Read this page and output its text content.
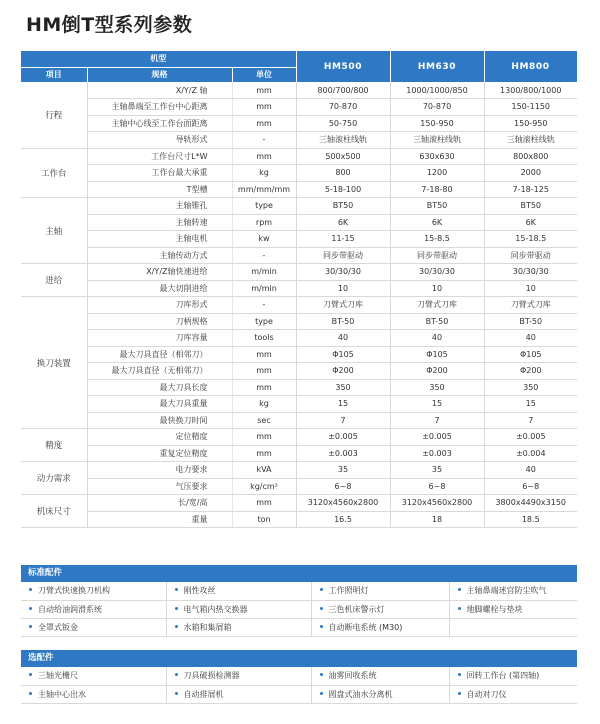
HM倒T型系列参数
机型			HM500	HM630	HM800
项目	规格	单位			
行程	X/Y/Z 轴	mm	800/700/800	1000/1000/850	1300/800/1000
	主轴鼻端至工作台中心距离	mm	70-870	70-870	150-1150
	主轴中心线至工作台面距离	mm	50-750	150-950	150-950
	导轨形式	-	三轴滚柱线轨	三轴滚柱线轨	三轴滚柱线轨
工作台	工作台尺寸L*W	mm	500x500	630x630	800x800
	工作台最大承重	kg	800	1200	2000
	T型槽	mm/mm/mm	5-18-100	7-18-80	7-18-125
主轴	主轴锥孔	type	BT50	BT50	BT50
	主轴转速	rpm	6K	6K	6K
	主轴电机	kw	11-15	15-8.5	15-18.5
	主轴传动方式	-	同步带驱动	同步带驱动	同步带驱动
进给	X/Y/Z轴快速进给	m/min	30/30/30	30/30/30	30/30/30
	最大切削进给	m/min	10	10	10
换刀装置	刀库形式	-	刀臂式刀库	刀臂式刀库	刀臂式刀库
	刀柄规格	type	BT-50	BT-50	BT-50
	刀库容量	tools	40	40	40
	最大刀具直径（相邻刀）	mm	Φ105	Φ105	Φ105
	最大刀具直径（无相邻刀）	mm	Φ200	Φ200	Φ200
	最大刀具长度	mm	350	350	350
	最大刀具重量	kg	15	15	15
	最快换刀时间	sec	7	7	7
精度	定位精度	mm	±0.005	±0.005	±0.005
	重复定位精度	mm	±0.003	±0.003	±0.004
动力需求	电力要求	kVA	35	35	40
	气压要求	kg/cm²	6~8	6~8	6~8
机床尺寸	长/宽/高	mm	3120x4560x2800	3120x4560x2800	3800x4490x3150
	重量	ton	16.5	18	18.5
标准配件
刀臂式快速换刀机构	刚性攻丝	工作照明灯	主轴鼻端迷宫防尘吹气
自动给油润滑系统	电气箱内热交换器	三色机床警示灯	地脚螺栓与垫块
全罩式钣金	水箱和集屑箱	自动断电系统 (M30)	
选配件
三轴光栅尺	刀具破损检测器	油雾回收系统	回转工作台 (第四轴)
主轴中心出水	自动排屑机	圆盘式油水分离机	自动对刀仪
